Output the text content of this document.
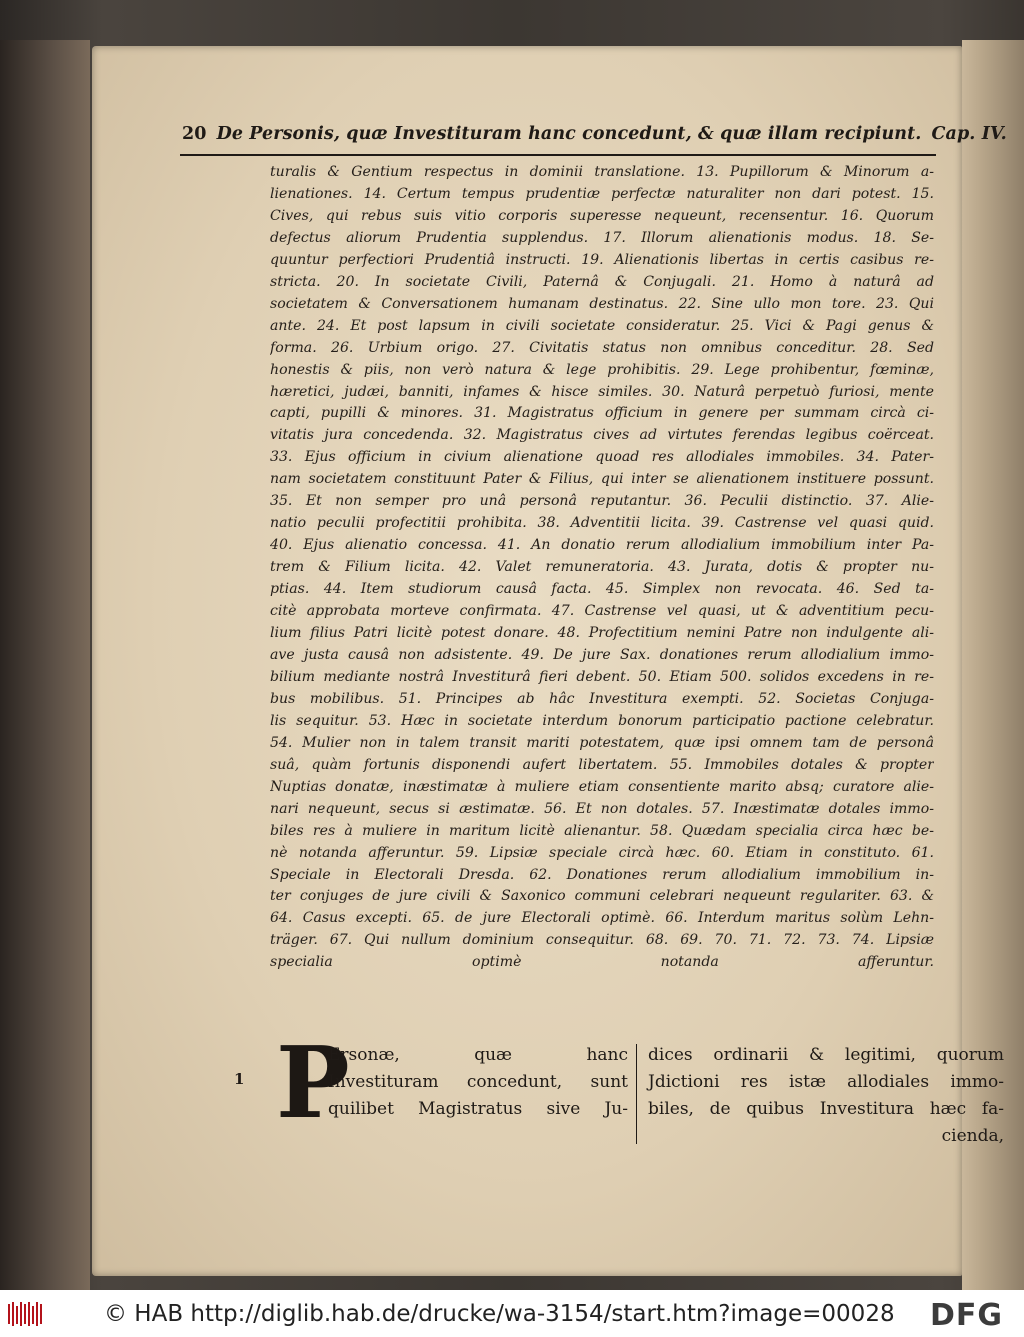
20 De Personis, quæ Investituram hanc concedunt, & quæ illam recipiunt. Cap. IV.
turalis & Gentium respectus in dominii translatione. 13. Pupillorum & Minorum a-
lienationes. 14. Certum tempus prudentiæ perfectæ naturaliter non dari potest. 15.
Cives, qui rebus suis vitio corporis superesse nequeunt, recensentur. 16. Quorum
defectus aliorum Prudentia supplendus. 17. Illorum alienationis modus. 18. Se-
quuntur perfectiori Prudentiâ instructi. 19. Alienationis libertas in certis casibus re-
stricta. 20. In societate Civili, Paternâ & Conjugali. 21. Homo à naturâ ad
societatem & Conversationem humanam destinatus. 22. Sine ullo mon tore. 23. Qui
ante. 24. Et post lapsum in civili societate consideratur. 25. Vici & Pagi genus &
forma. 26. Urbium origo. 27. Civitatis status non omnibus conceditur. 28. Sed
honestis & piis, non verò natura & lege prohibitis. 29. Lege prohibentur, fœminæ,
hæretici, judæi, banniti, infames & hisce similes. 30. Naturâ perpetuò furiosi, mente
capti, pupilli & minores. 31. Magistratus officium in genere per summam circà ci-
vitatis jura concedenda. 32. Magistratus cives ad virtutes ferendas legibus coërceat.
33. Ejus officium in civium alienatione quoad res allodiales immobiles. 34. Pater-
nam societatem constituunt Pater & Filius, qui inter se alienationem instituere possunt.
35. Et non semper pro unâ personâ reputantur. 36. Peculii distinctio. 37. Alie-
natio peculii profectitii prohibita. 38. Adventitii licita. 39. Castrense vel quasi quid.
40. Ejus alienatio concessa. 41. An donatio rerum allodialium immobilium inter Pa-
trem & Filium licita. 42. Valet remuneratoria. 43. Jurata, dotis & propter nu-
ptias. 44. Item studiorum causâ facta. 45. Simplex non revocata. 46. Sed ta-
citè approbata morteve confirmata. 47. Castrense vel quasi, ut & adventitium pecu-
lium filius Patri licitè potest donare. 48. Profectitium nemini Patre non indulgente ali-
ave justa causâ non adsistente. 49. De jure Sax. donationes rerum allodialium immo-
bilium mediante nostrâ Investiturâ fieri debent. 50. Etiam 500. solidos excedens in re-
bus mobilibus. 51. Principes ab hâc Investitura exempti. 52. Societas Conjuga-
lis sequitur. 53. Hæc in societate interdum bonorum participatio pactione celebratur.
54. Mulier non in talem transit mariti potestatem, quæ ipsi omnem tam de personâ
suâ, quàm fortunis disponendi aufert libertatem. 55. Immobiles dotales & propter
Nuptias donatæ, inæstimatæ à muliere etiam consentiente marito absq; curatore alie-
nari nequeunt, secus si æstimatæ. 56. Et non dotales. 57. Inæstimatæ dotales immo-
biles res à muliere in maritum licitè alienantur. 58. Quædam specialia circa hæc be-
nè notanda afferuntur. 59. Lipsiæ speciale circà hæc. 60. Etiam in constituto. 61.
Speciale in Electorali Dresda. 62. Donationes rerum allodialium immobilium in-
ter conjuges de jure civili & Saxonico communi celebrari nequeunt regulariter. 63. &
64. Casus excepti. 65. de jure Electorali optimè. 66. Interdum maritus solùm Lehn-
träger. 67. Qui nullum dominium consequitur. 68. 69. 70. 71. 72. 73. 74. Lipsiæ
specialia optimè notanda afferuntur.
1 P
Ersonæ, quæ hanc
Investituram concedunt, sunt
quilibet Magistratus sive Ju-
dices ordinarii & legitimi, quorum
Jdictioni res istæ allodiales immo-
biles, de quibus Investitura hæc fa-
cienda,
© HAB http://diglib.hab.de/drucke/wa-3154/start.htm?image=00028 DFG
